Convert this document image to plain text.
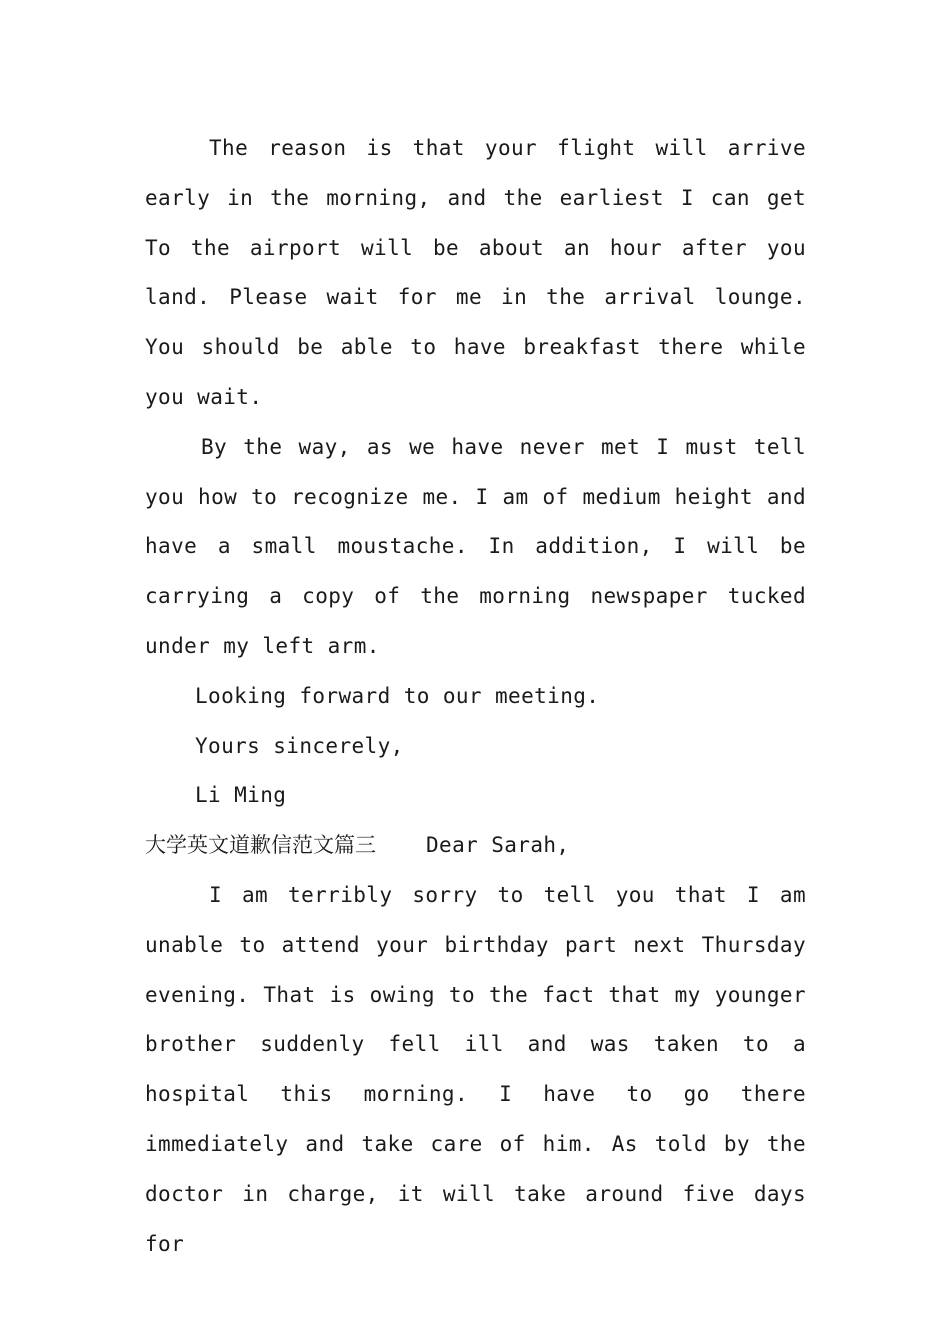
The reason is that your flight will arrive early in the morning, and the earliest I can get To the airport will be about an hour after you land. Please wait for me in the arrival lounge. You should be able to have breakfast there while you wait.

By the way, as we have never met I must tell you how to recognize me. I am of medium height and have a small moustache. In addition, I will be carrying a copy of the morning newspaper tucked under my left arm.

Looking forward to our meeting.

Yours sincerely,

Li Ming

大学英文道歉信范文篇三 Dear Sarah,

I am terribly sorry to tell you that I am unable to attend your birthday part next Thursday evening. That is owing to the fact that my younger brother suddenly fell ill and was taken to a hospital this morning. I have to go there immediately and take care of him. As told by the doctor in charge, it will take around five days for
